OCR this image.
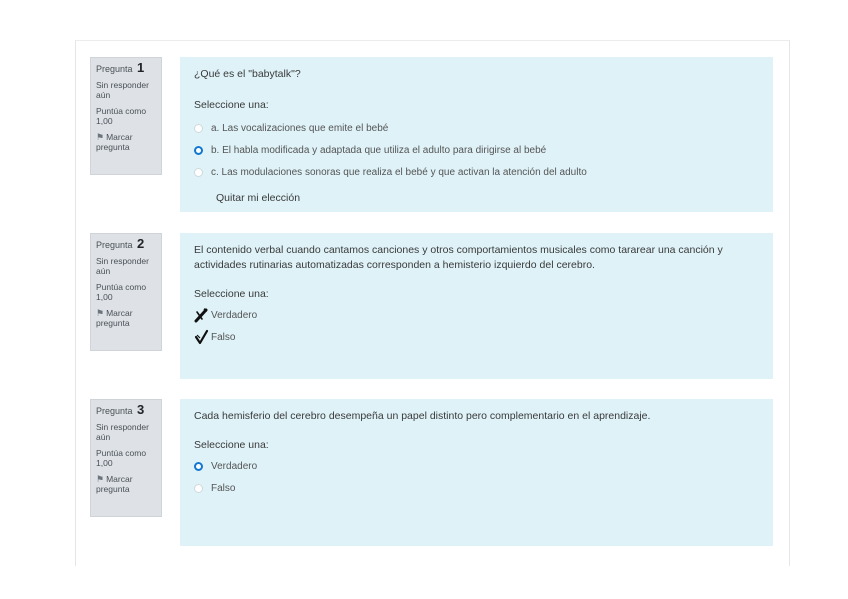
Pregunta 1
Sin responder aún
Puntúa como 1,00
⚑ Marcar pregunta

¿Qué es el "babytalk"?

Seleccione una:
a. Las vocalizaciones que emite el bebé
b. El habla modificada y adaptada que utiliza el adulto para dirigirse al bebé
c. Las modulaciones sonoras que realiza el bebé y que activan la atención del adulto
Quitar mi elección
Pregunta 2
Sin responder aún
Puntúa como 1,00
⚑ Marcar pregunta

El contenido verbal cuando cantamos canciones y otros comportamientos musicales como tararear una canción y actividades rutinarias automatizadas corresponden a hemisterio izquierdo del cerebro.

Seleccione una:
Verdadero
Falso
Pregunta 3
Sin responder aún
Puntúa como 1,00
⚑ Marcar pregunta

Cada hemisferio del cerebro desempeña un papel distinto pero complementario en el aprendizaje.

Seleccione una:
Verdadero
Falso
